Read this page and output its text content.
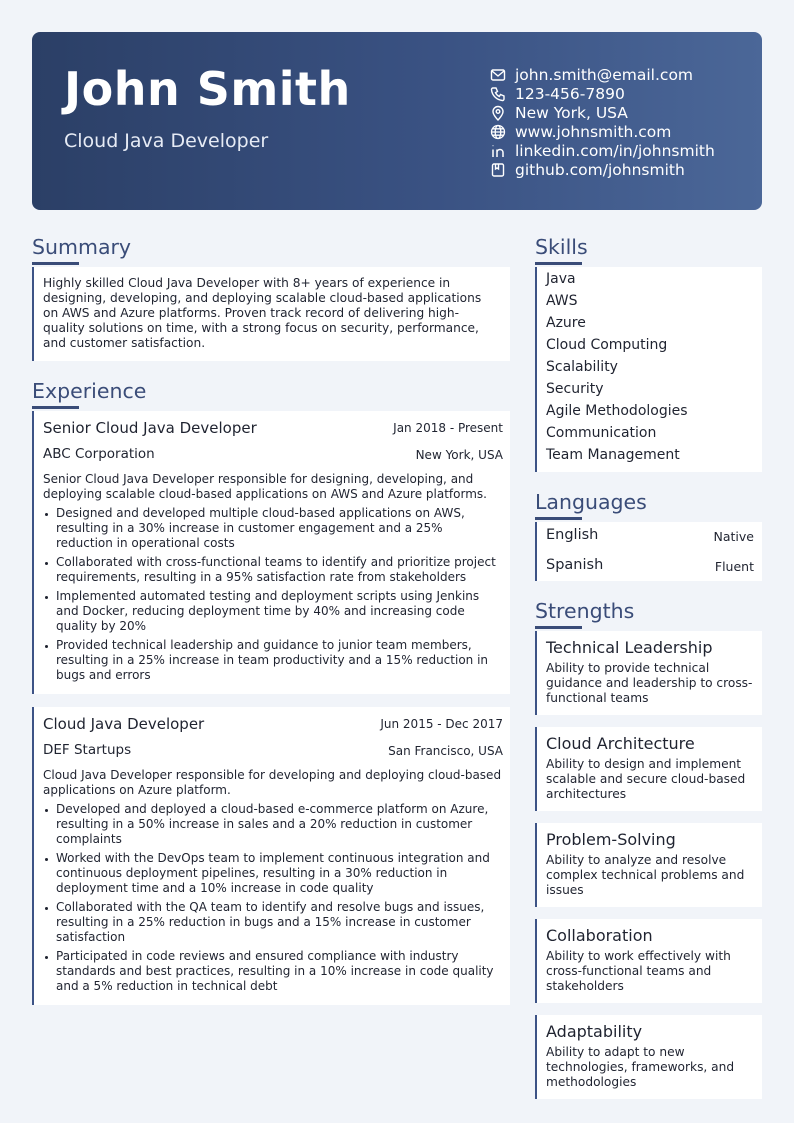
John Smith
Cloud Java Developer
john.smith@email.com
123-456-7890
New York, USA
www.johnsmith.com
linkedin.com/in/johnsmith
github.com/johnsmith
Summary
Highly skilled Cloud Java Developer with 8+ years of experience in designing, developing, and deploying scalable cloud-based applications on AWS and Azure platforms. Proven track record of delivering high-quality solutions on time, with a strong focus on security, performance, and customer satisfaction.
Experience
Senior Cloud Java Developer	Jan 2018 - Present
ABC Corporation	New York, USA
Senior Cloud Java Developer responsible for designing, developing, and deploying scalable cloud-based applications on AWS and Azure platforms.
Designed and developed multiple cloud-based applications on AWS, resulting in a 30% increase in customer engagement and a 25% reduction in operational costs
Collaborated with cross-functional teams to identify and prioritize project requirements, resulting in a 95% satisfaction rate from stakeholders
Implemented automated testing and deployment scripts using Jenkins and Docker, reducing deployment time by 40% and increasing code quality by 20%
Provided technical leadership and guidance to junior team members, resulting in a 25% increase in team productivity and a 15% reduction in bugs and errors
Cloud Java Developer	Jun 2015 - Dec 2017
DEF Startups	San Francisco, USA
Cloud Java Developer responsible for developing and deploying cloud-based applications on Azure platform.
Developed and deployed a cloud-based e-commerce platform on Azure, resulting in a 50% increase in sales and a 20% reduction in customer complaints
Worked with the DevOps team to implement continuous integration and continuous deployment pipelines, resulting in a 30% reduction in deployment time and a 10% increase in code quality
Collaborated with the QA team to identify and resolve bugs and issues, resulting in a 25% reduction in bugs and a 15% increase in customer satisfaction
Participated in code reviews and ensured compliance with industry standards and best practices, resulting in a 10% increase in code quality and a 5% reduction in technical debt
Skills
Java
AWS
Azure
Cloud Computing
Scalability
Security
Agile Methodologies
Communication
Team Management
Languages
English	Native
Spanish	Fluent
Strengths
Technical Leadership
Ability to provide technical guidance and leadership to cross-functional teams
Cloud Architecture
Ability to design and implement scalable and secure cloud-based architectures
Problem-Solving
Ability to analyze and resolve complex technical problems and issues
Collaboration
Ability to work effectively with cross-functional teams and stakeholders
Adaptability
Ability to adapt to new technologies, frameworks, and methodologies
